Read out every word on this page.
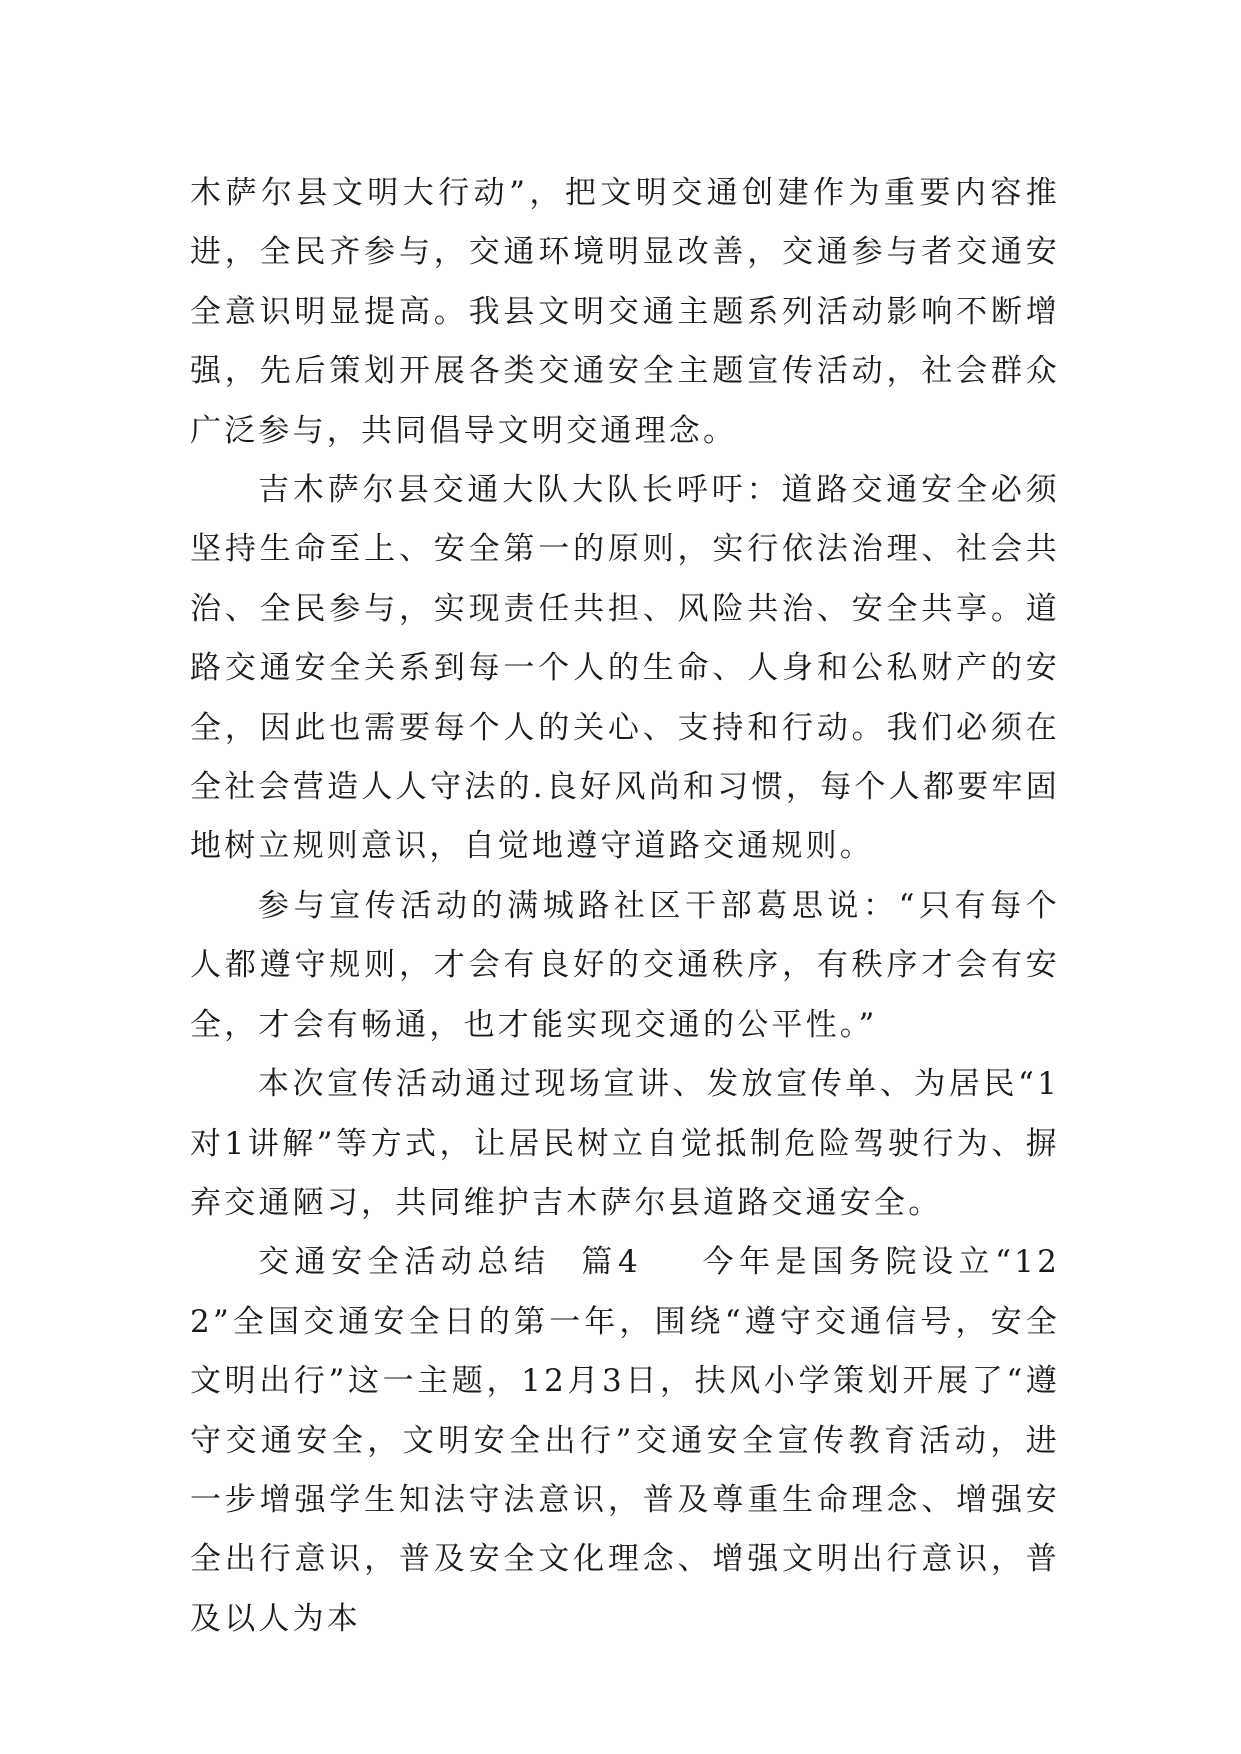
木萨尔县文明大行动”，把文明交通创建作为重要内容推进，全民齐参与，交通环境明显改善，交通参与者交通安全意识明显提高。我县文明交通主题系列活动影响不断增强，先后策划开展各类交通安全主题宣传活动，社会群众广泛参与，共同倡导文明交通理念。

吉木萨尔县交通大队大队长呼吁：道路交通安全必须坚持生命至上、安全第一的原则，实行依法治理、社会共治、全民参与，实现责任共担、风险共治、安全共享。道路交通安全关系到每一个人的生命、人身和公私财产的安全，因此也需要每个人的关心、支持和行动。我们必须在全社会营造人人守法的.良好风尚和习惯，每个人都要牢固地树立规则意识，自觉地遵守道路交通规则。

参与宣传活动的满城路社区干部葛思说：“只有每个人都遵守规则，才会有良好的交通秩序，有秩序才会有安全，才会有畅通，也才能实现交通的公平性。”

本次宣传活动通过现场宣讲、发放宣传单、为居民“1对1讲解”等方式，让居民树立自觉抵制危险驾驶行为、摒弃交通陋习，共同维护吉木萨尔县道路交通安全。

交通安全活动总结  篇4    今年是国务院设立“122”全国交通安全日的第一年，围绕“遵守交通信号，安全文明出行”这一主题，12月3日，扶风小学策划开展了“遵守交通安全，文明安全出行”交通安全宣传教育活动，进一步增强学生知法守法意识，普及尊重生命理念、增强安全出行意识，普及安全文化理念、增强文明出行意识，普及以人为本
